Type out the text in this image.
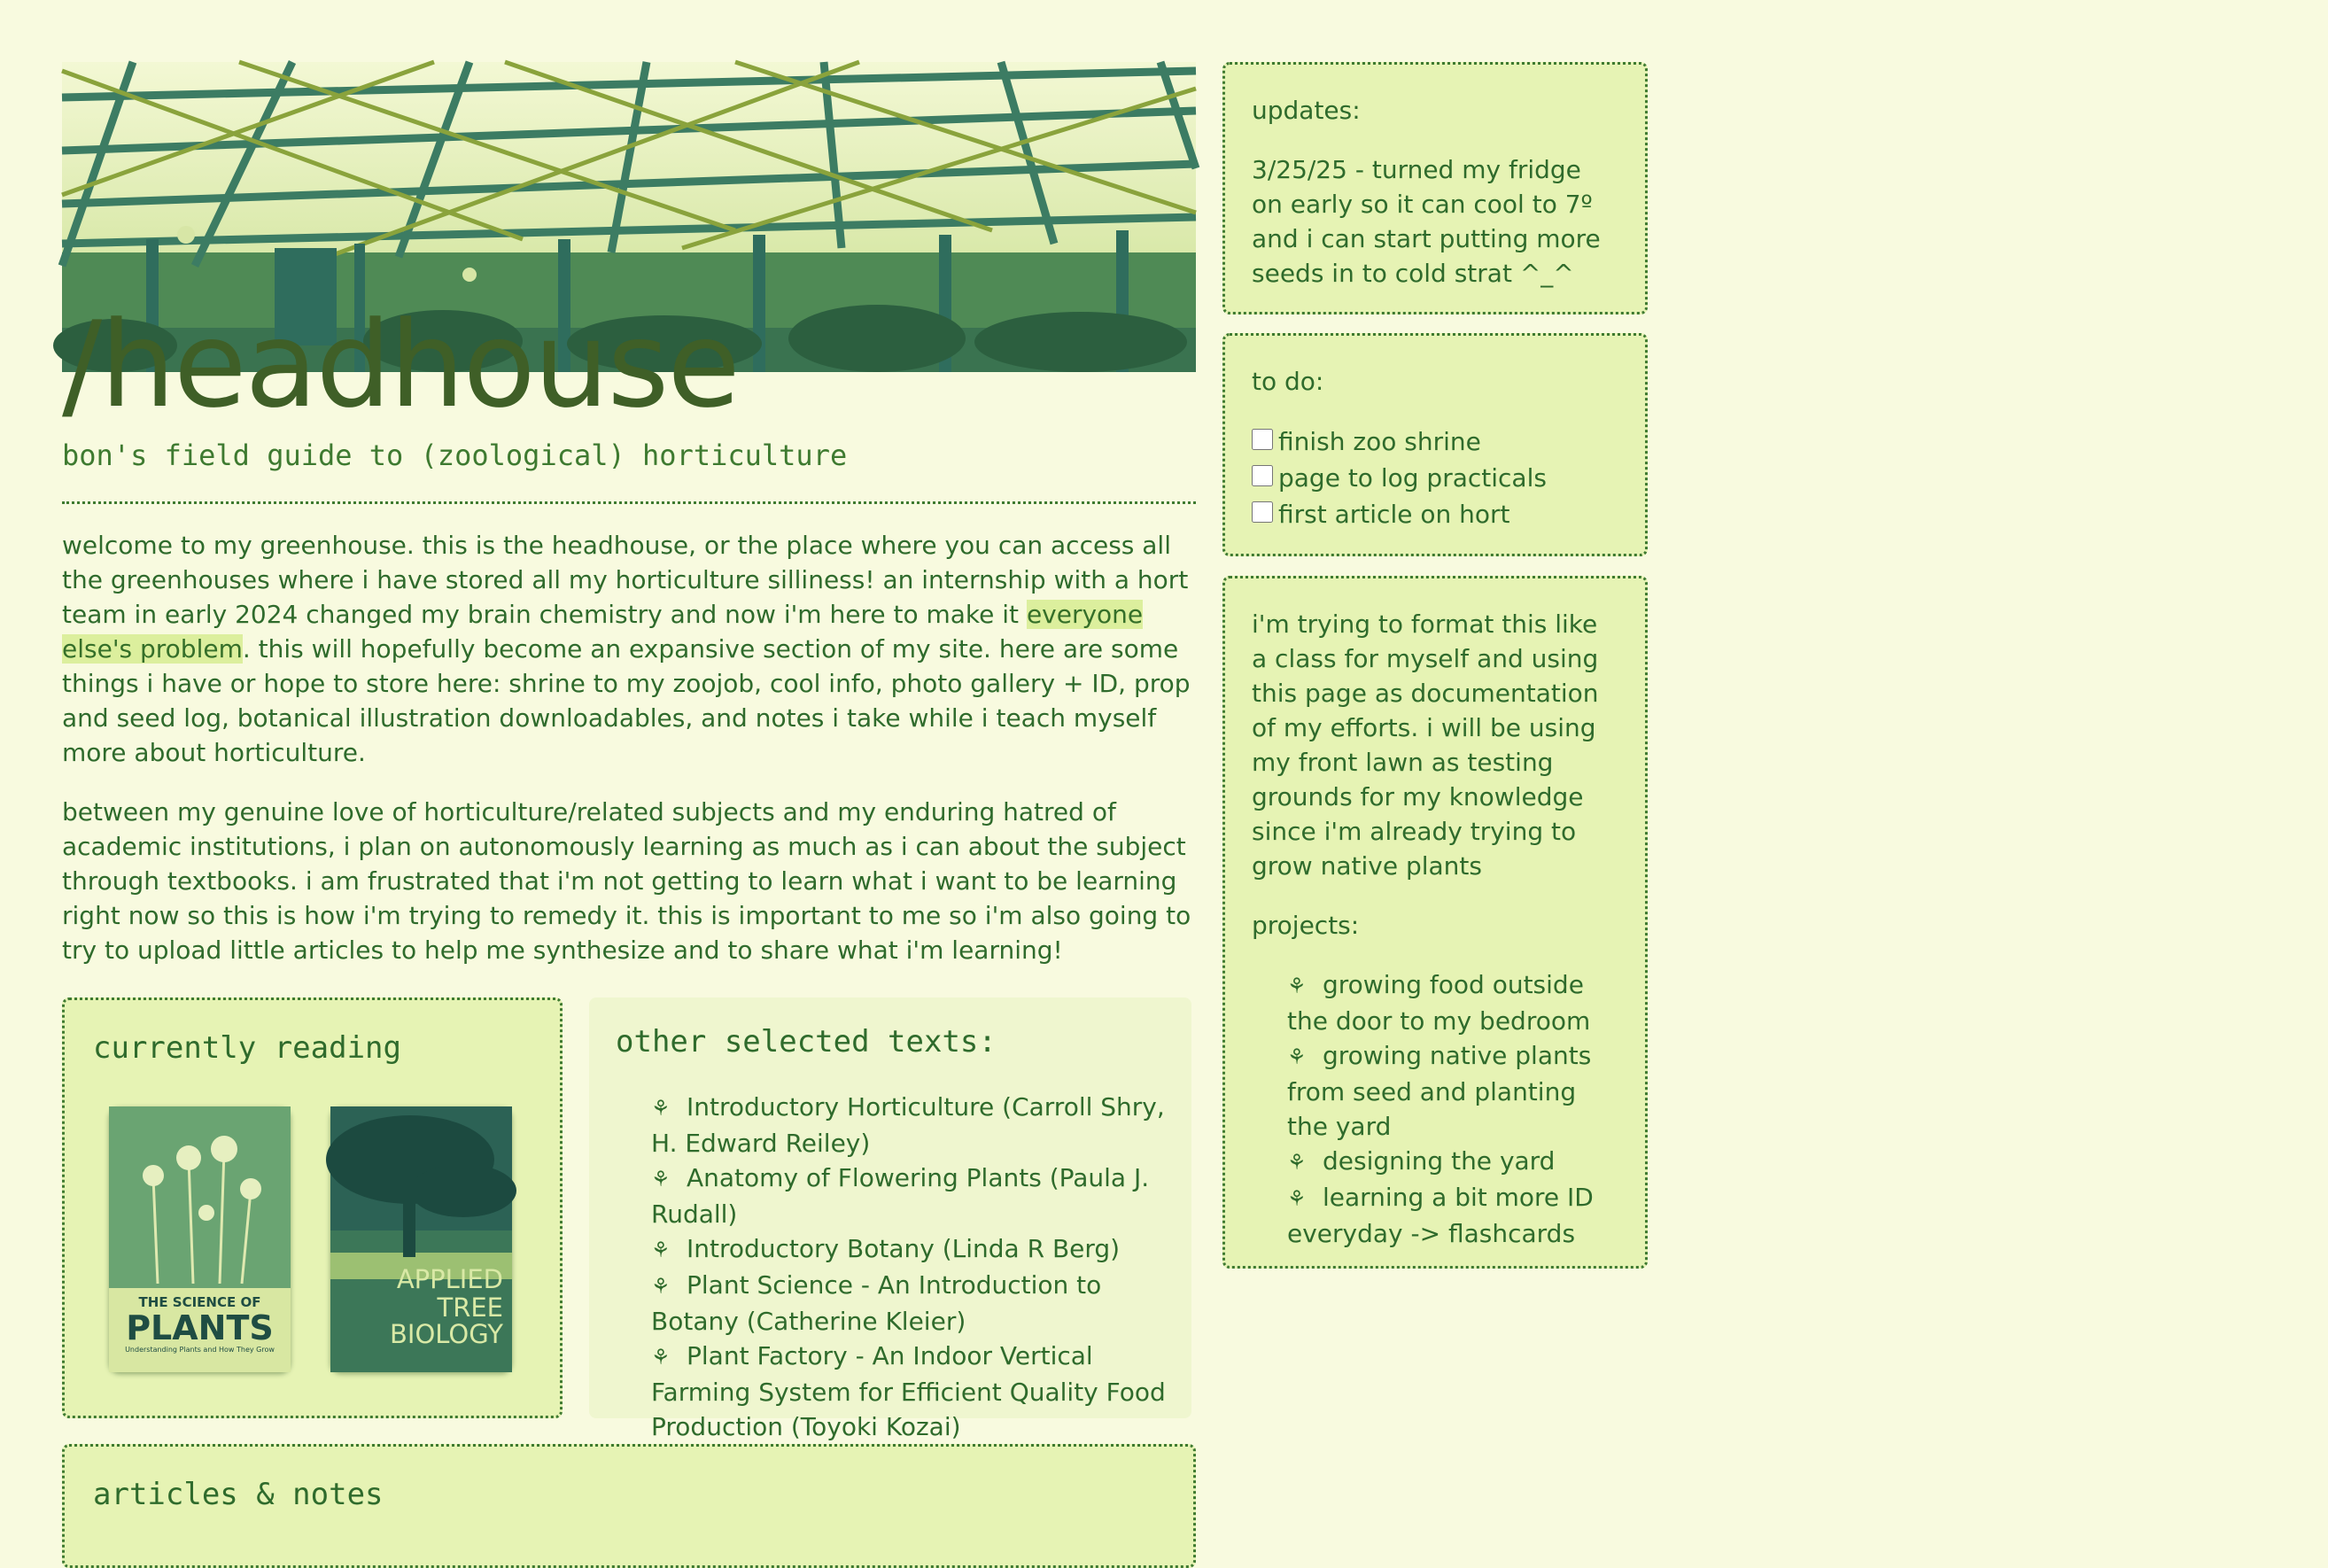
/headhouse

bon's field guide to (zoological) horticulture

welcome to my greenhouse. this is the headhouse, or the place where you can access all the greenhouses where i have stored all my horticulture silliness! an internship with a hort team in early 2024 changed my brain chemistry and now i'm here to make it everyone else's problem. this will hopefully become an expansive section of my site. here are some things i have or hope to store here: shrine to my zoojob, cool info, photo gallery + ID, prop and seed log, botanical illustration downloadables, and notes i take while i teach myself more about horticulture.

between my genuine love of horticulture/related subjects and my enduring hatred of academic institutions, i plan on autonomously learning as much as i can about the subject through textbooks. i am frustrated that i'm not getting to learn what i want to be learning right now so this is how i'm trying to remedy it. this is important to me so i'm also going to try to upload little articles to help me synthesize and to share what i'm learning!

currently reading
THE SCIENCE OF
PLANTS
Understanding Plants and How They Grow
APPLIED
TREE BIOLOGY
other selected texts:
⚘ Introductory Horticulture (Carroll Shry, H. Edward Reiley)
⚘ Anatomy of Flowering Plants (Paula J. Rudall)
⚘ Introductory Botany (Linda R Berg)
⚘ Plant Science - An Introduction to Botany (Catherine Kleier)
⚘ Plant Factory - An Indoor Vertical Farming System for Efficient Quality Food Production (Toyoki Kozai)
articles & notes

updates:

3/25/25 - turned my fridge on early so it can cool to 7º and i can start putting more seeds in to cold strat ^_^

to do:

finish zoo shrine
page to log practicals
first article on hort

i'm trying to format this like a class for myself and using this page as documentation of my efforts. i will be using my front lawn as testing grounds for my knowledge since i'm already trying to grow native plants

projects:

⚘ growing food outside the door to my bedroom
⚘ growing native plants from seed and planting the yard
⚘ designing the yard
⚘ learning a bit more ID everyday -> flashcards
